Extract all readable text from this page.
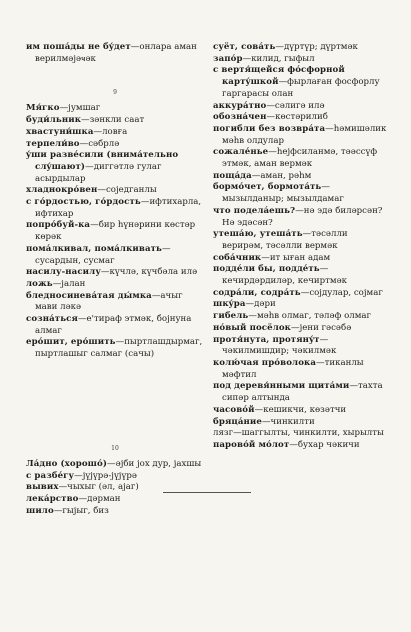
им пошáды не бýдет—онлара аман верилмәјәҹәк

9

Мя́гко—јумшаг

буди́льник—зәнкли саат

хвастуни́шка—ловға

терпели́во—сәбрлә

ýши развéсили (внимáтельно слýшают)—диггәтлә гулаг асырдылар

хладнокрóвен—соједганлы

с гóрдостью, гóрдость—ифтихарла, ифтихар

попрóбуй-ка—бир һүнәрини көстәр көрәк

помáлкивал, помáлкивать—сусардын, сусмаг

насилу-насилу—күчлә, күчбәла илә

ложь—јалан

бледносиневáтая ды́мка—ачыг мави ләкә

сознáться—е'тираф этмәк, бојнуна алмаг

ерóшит, ерóшить—пыртлашдырмаг, пыртлашыг салмаг (сачы)

10

Лáдно (хорошó)—әјби јох дур, јахшы

с разбéгу—јүјүрә-јүјүрә

вывих—чыхыг (әл, ајаг)

лекáрство—дәрман

шило—гыјыг, биз

суёт, совáть—дүртүр; дүртмәк

запóр—килид, гыфыл

с вертя́щейся фóсфорной картýшкой—фырлаған фосфорлу гаргарасы олан

аккурáтно—сәлигә илә

обознáчен—көстәрилиб

погибли без возврáта—һәмишәлик мәһв олдулар

сожалéнье—һејфсиланмә, тәәссүф этмәк, аман вермәк

пощáда—аман, рәһм

бормóчет, бормотáть—мызылданыр; мызылдамаг

что поделáешь?—нә эдә биләрсән? Нә эдәсән?

утешáю, утешáть—тәсәлли верирәм, тәсәлли вермәк

собáчник—ит ыған адам

поддéли бы, поддéть—кечирдәрдиләр, кечиртмәк

содрáли, содрáть—сојдулар, сојмаг

шкýра—дәри

гибель—мәһв олмаг, тәләф олмаг

нóвый посёлок—јени гәсәбә

протя́нута, протянýт—чәкилмишдир; чәкилмәк

колю́чая прóволока—тиканлы мәфтил

под деревя́нными щитáми—тахта сипәр алтында

часовóй—кешикчи, көзәтчи

бряцáние—чинкилти

лязг—шаггылты, чинкилти, хырылты

паровóй мóлот—бухар чәкичи
